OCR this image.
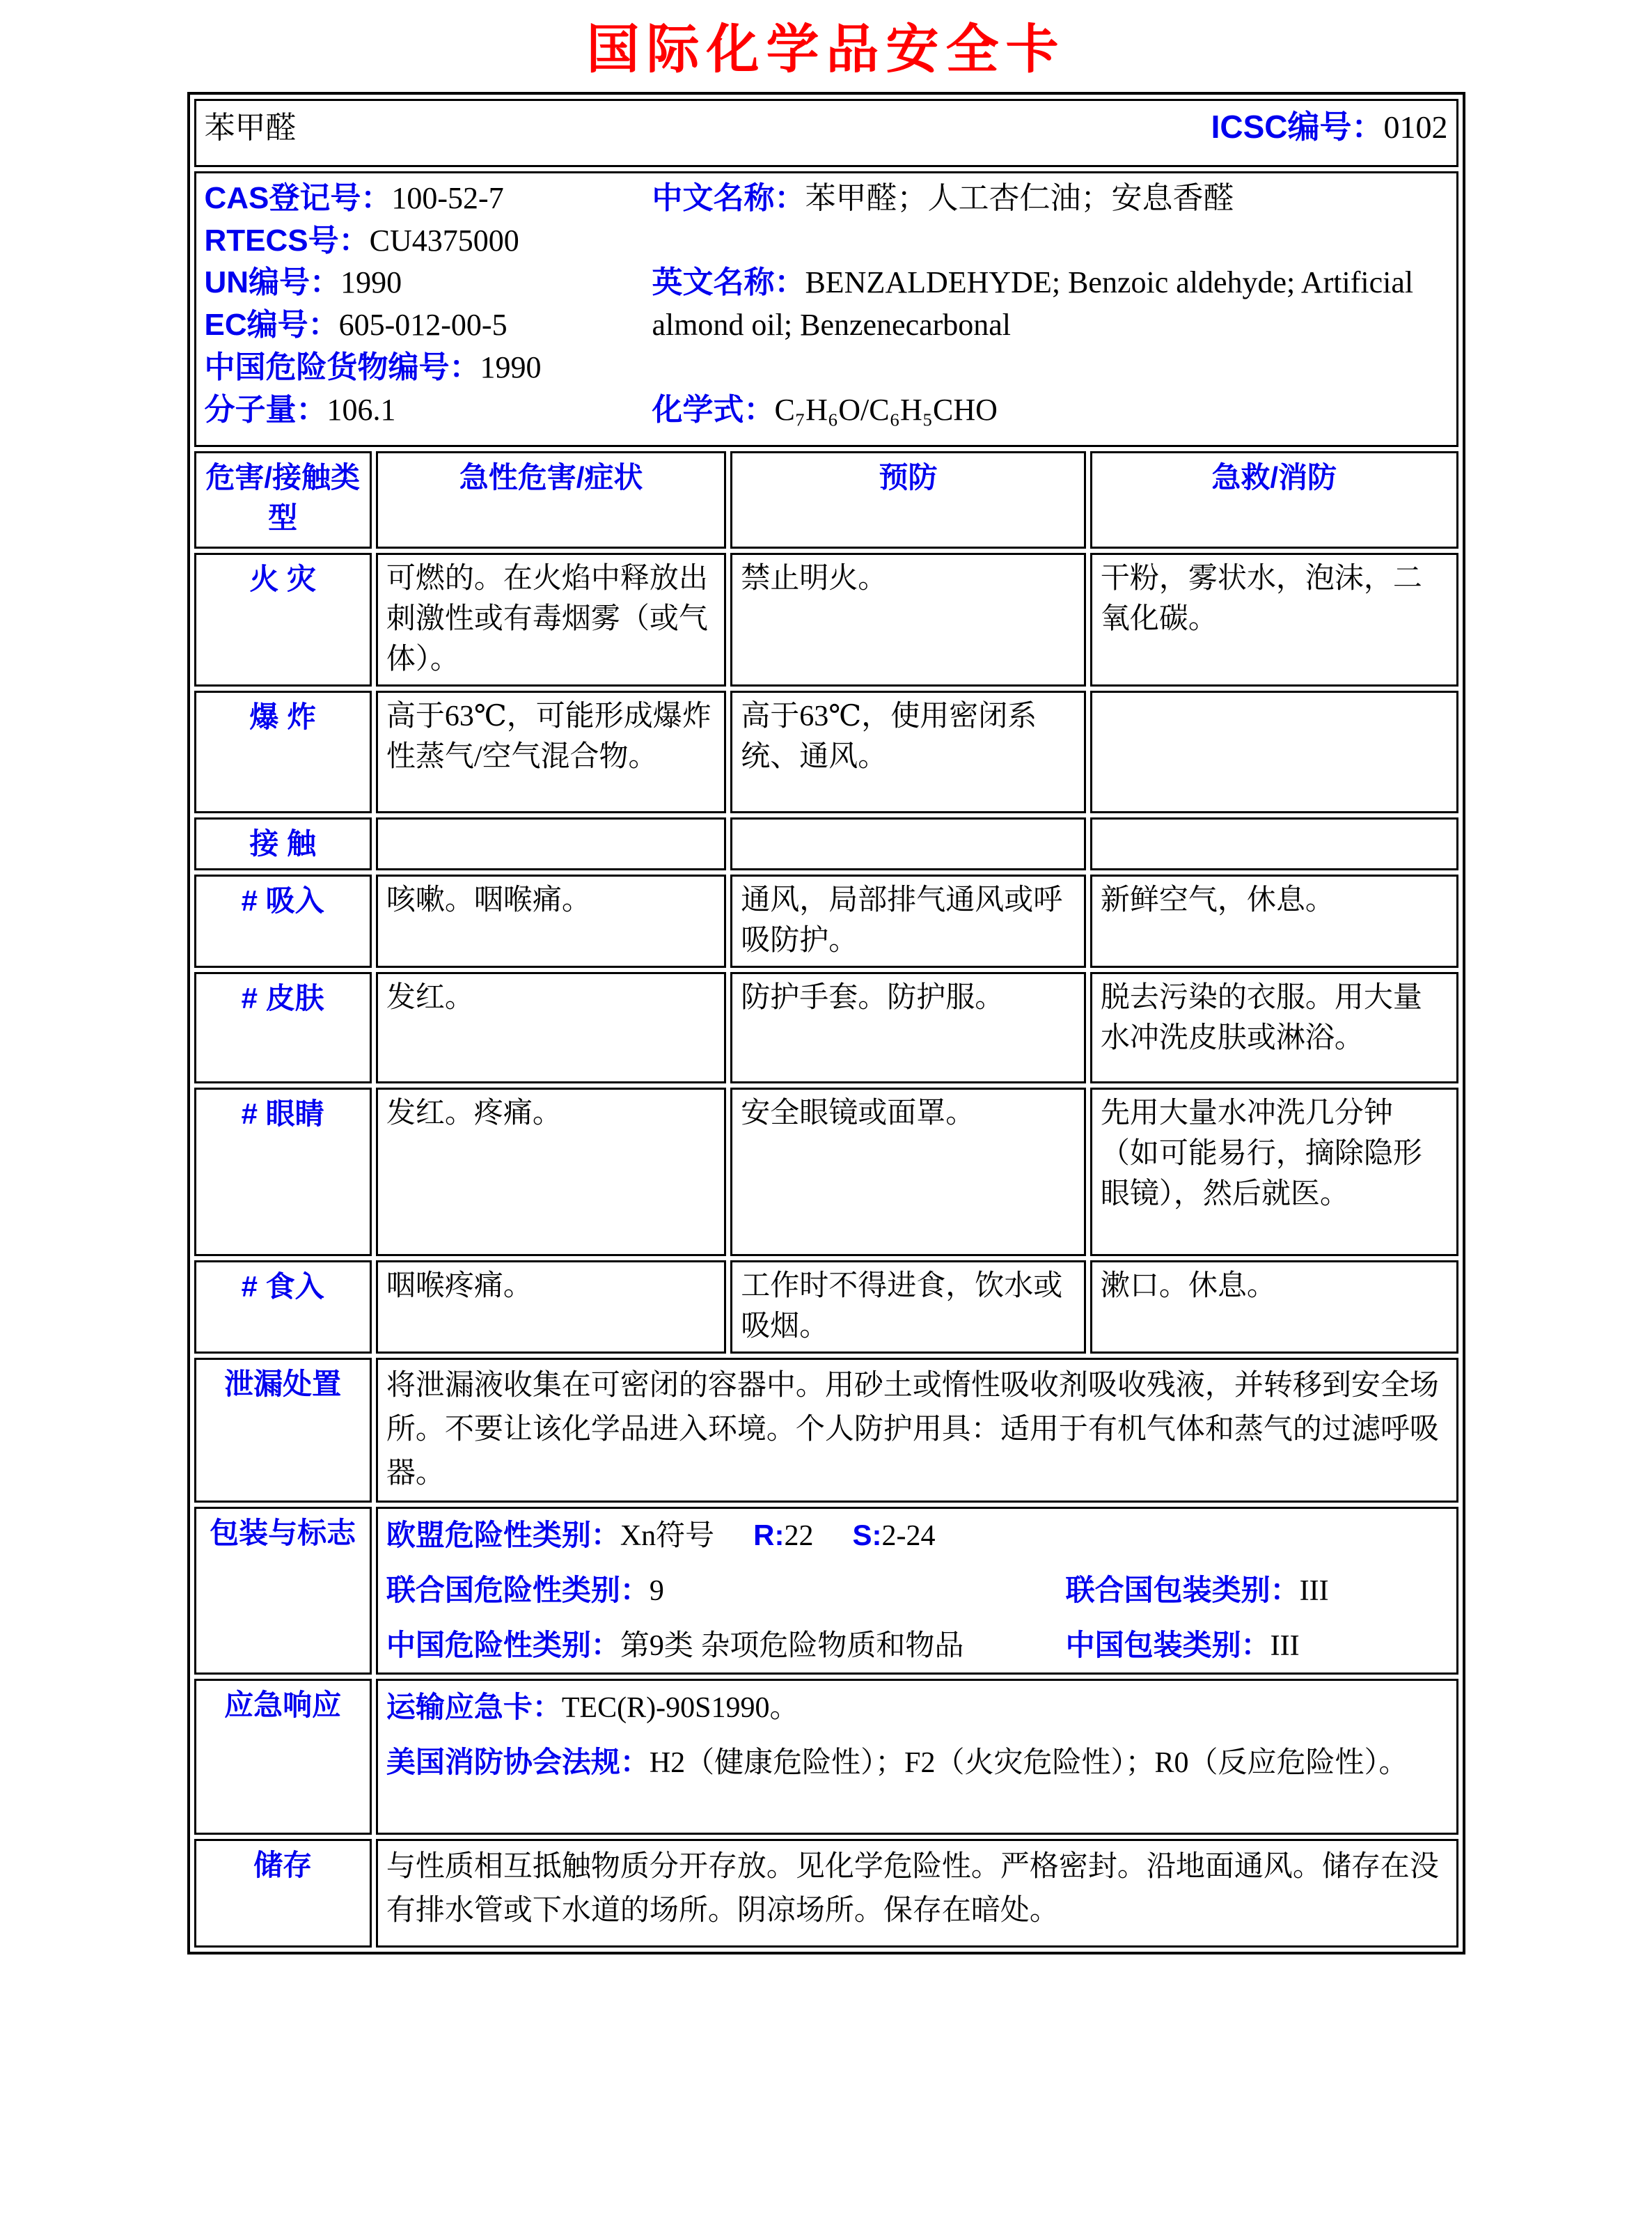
国际化学品安全卡
苯甲醛 ICSC编号：0102			

CAS登记号：100-52-7
RTECS号：CU4375000
UN编号：1990
EC编号：605-012-00-5
中国危险货物编号：1990
分子量：106.1
中文名称：苯甲醛；人工杏仁油；安息香醛
英文名称：BENZALDEHYDE; Benzoic aldehyde; Artificial almond oil; Benzenecarbonal
化学式：C₇H₆O/C₆H₅CHO

危害/接触类型	急性危害/症状	预防	急救/消防
火 灾	可燃的。在火焰中释放出刺激性或有毒烟雾（或气体）。	禁止明火。	干粉，雾状水，泡沫，二氧化碳。
爆 炸	高于63℃，可能形成爆炸性蒸气/空气混合物。	高于63℃，使用密闭系统、通风。	
接 触			
# 吸入	咳嗽。咽喉痛。	通风，局部排气通风或呼吸防护。	新鲜空气，休息。
# 皮肤	发红。	防护手套。防护服。	脱去污染的衣服。用大量水冲洗皮肤或淋浴。
# 眼睛	发红。疼痛。	安全眼镜或面罩。	先用大量水冲洗几分钟（如可能易行，摘除隐形眼镜），然后就医。
# 食入	咽喉疼痛。	工作时不得进食，饮水或吸烟。	漱口。休息。
泄漏处置	将泄漏液收集在可密闭的容器中。用砂土或惰性吸收剂吸收残液，并转移到安全场所。不要让该化学品进入环境。个人防护用具：适用于有机气体和蒸气的过滤呼吸器。		

包装与标志	欧盟危险性类别：Xn符号 R:22 S:2-24

联合国危险性类别：9 联合国包装类别：III
中国危险性类别：第9类 杂项危险物质和物品 中国包装类别：III		

应急响应	运输应急卡：TEC(R)-90S1990。

美国消防协会法规：H2（健康危险性）；F2（火灾危险性）；R0（反应危险性）。		

储存	与性质相互抵触物质分开存放。见化学危险性。严格密封。沿地面通风。储存在没有排水管或下水道的场所。阴凉场所。保存在暗处。		
